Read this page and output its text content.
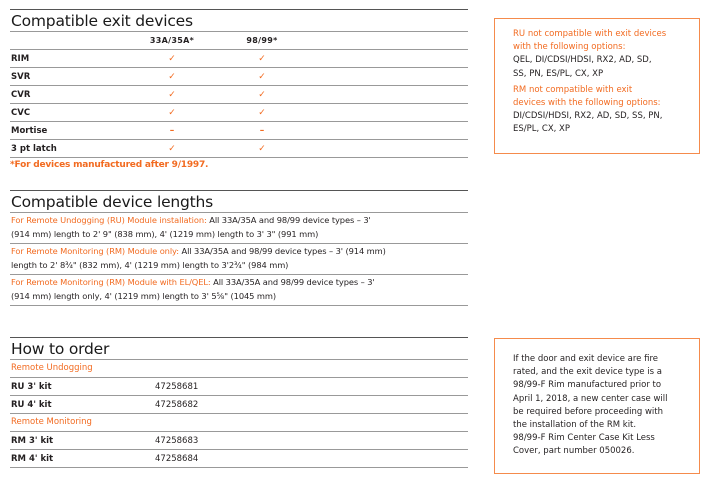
Compatible exit devices
33A/35A*	98/99*
RIM	✓	✓
SVR	✓	✓
CVR	✓	✓
CVC	✓	✓
Mortise	–	–
3 pt latch	✓	✓
*For devices manufactured after 9/1997.
Compatible device lengths
For Remote Undogging (RU) Module installation: All 33A/35A and 98/99 device types – 3'
(914 mm) length to 2' 9" (838 mm), 4' (1219 mm) length to 3' 3" (991 mm)
For Remote Monitoring (RM) Module only: All 33A/35A and 98/99 device types – 3' (914 mm)
length to 2' 8³⁄₄" (832 mm), 4' (1219 mm) length to 3'2³⁄₄" (984 mm)
For Remote Monitoring (RM) Module with EL/QEL: All 33A/35A and 98/99 device types – 3'
(914 mm) length only, 4' (1219 mm) length to 3' 5⁵⁄₈" (1045 mm)
How to order
Remote Undogging
RU 3' kit	47258681
RU 4' kit	47258682
Remote Monitoring
RM 3' kit	47258683
RM 4' kit	47258684
RU not compatible with exit devices
with the following options:
QEL, DI/CDSI/HDSI, RX2, AD, SD,
SS, PN, ES/PL, CX, XP
RM not compatible with exit
devices with the following options:
DI/CDSI/HDSI, RX2, AD, SD, SS, PN,
ES/PL, CX, XP
If the door and exit device are fire
rated, and the exit device type is a
98/99-F Rim manufactured prior to
April 1, 2018, a new center case will
be required before proceeding with
the installation of the RM kit.
98/99-F Rim Center Case Kit Less
Cover, part number 050026.
